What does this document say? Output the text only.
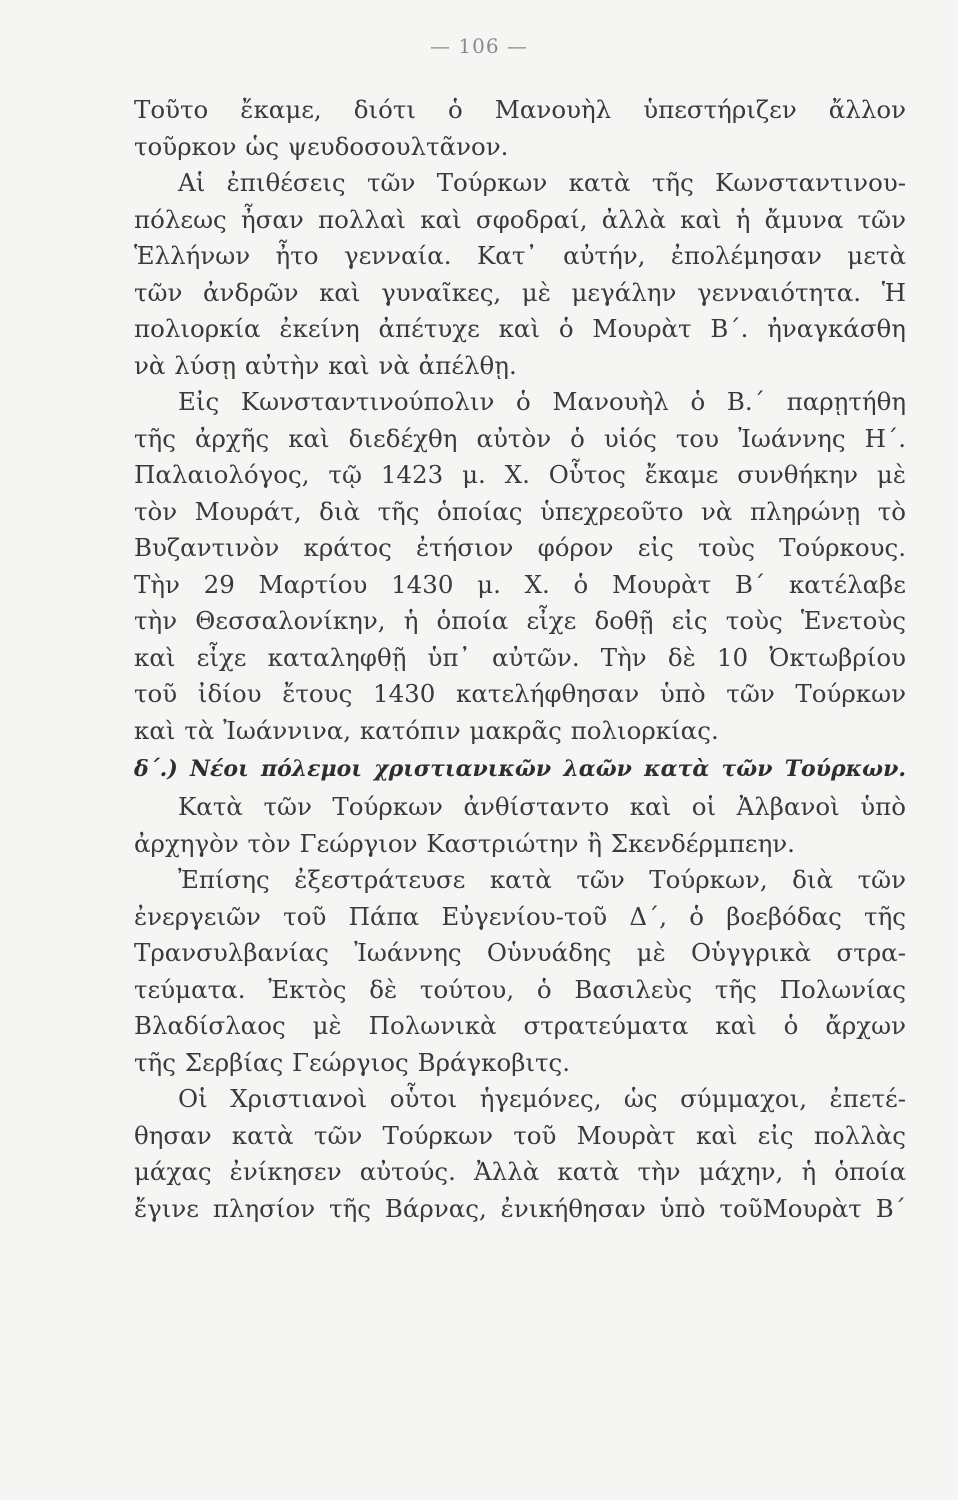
— 106 —
Τοῦτο ἔκαμε, διότι ὁ Μανουὴλ ὑπεστήριζεν ἄλλον
τοῦρκον ὡς ψευδοσουλτᾶνον.
Αἱ ἐπιθέσεις τῶν Τούρκων κατὰ τῆς Κωνσταντινου-
πόλεως ἦσαν πολλαὶ καὶ σφοδραί, ἀλλὰ καὶ ἡ ἄμυνα τῶν
Ἑλλήνων ἦτο γενναία. Κατ᾽ αὐτήν, ἐπολέμησαν μετὰ
τῶν ἀνδρῶν καὶ γυναῖκες, μὲ μεγάλην γενναιότητα. Ἡ
πολιορκία ἐκείνη ἀπέτυχε καὶ ὁ Μουρὰτ Β΄. ἠναγκάσθη
νὰ λύσῃ αὐτὴν καὶ νὰ ἀπέλθῃ.
Εἰς Κωνσταντινούπολιν ὁ Μανουὴλ ὁ Β.΄ παρῃτήθη
τῆς ἀρχῆς καὶ διεδέχθη αὐτὸν ὁ υἱός του Ἰωάννης Η΄.
Παλαιολόγος, τῷ 1423 μ. Χ. Οὗτος ἔκαμε συνθήκην μὲ
τὸν Μουράτ, διὰ τῆς ὁποίας ὑπεχρεοῦτο νὰ πληρώνῃ τὸ
Βυζαντινὸν κράτος ἐτήσιον φόρον εἰς τοὺς Τούρκους.
Τὴν 29 Μαρτίου 1430 μ. Χ. ὁ Μουρὰτ Β΄ κατέλαβε
τὴν Θεσσαλονίκην, ἡ ὁποία εἶχε δοθῇ εἰς τοὺς Ἑνετοὺς
καὶ εἶχε καταληφθῇ ὑπ᾽ αὐτῶν. Τὴν δὲ 10 Ὀκτωβρίου
τοῦ ἰδίου ἔτους 1430 κατελήφθησαν ὑπὸ τῶν Τούρκων
καὶ τὰ Ἰωάννινα, κατόπιν μακρᾶς πολιορκίας.
δ΄.) Νέοι πόλεμοι χριστιανικῶν λαῶν κατὰ τῶν Τούρκων.
Κατὰ τῶν Τούρκων ἀνθίσταντο καὶ οἱ Ἀλβανοὶ ὑπὸ
ἀρχηγὸν τὸν Γεώργιον Καστριώτην ἢ Σκενδέρμπεην.
Ἐπίσης ἐξεστράτευσε κατὰ τῶν Τούρκων, διὰ τῶν
ἐνεργειῶν τοῦ Πάπα Εὐγενίου-τοῦ Δ΄, ὁ βοεβόδας τῆς
Τρανσυλβανίας Ἰωάννης Οὑνυάδης μὲ Οὑγγρικὰ στρα-
τεύματα. Ἐκτὸς δὲ τούτου, ὁ Βασιλεὺς τῆς Πολωνίας
Βλαδίσλαος μὲ Πολωνικὰ στρατεύματα καὶ ὁ ἄρχων
τῆς Σερβίας Γεώργιος Βράγκοβιτς.
Οἱ Χριστιανοὶ οὗτοι ἡγεμόνες, ὡς σύμμαχοι, ἐπετέ-
θησαν κατὰ τῶν Τούρκων τοῦ Μουρὰτ καὶ εἰς πολλὰς
μάχας ἐνίκησεν αὐτούς. Ἀλλὰ κατὰ τὴν μάχην, ἡ ὁποία
ἔγινε πλησίον τῆς Βάρνας, ἐνικήθησαν ὑπὸ τοῦΜουρὰτ Β΄
